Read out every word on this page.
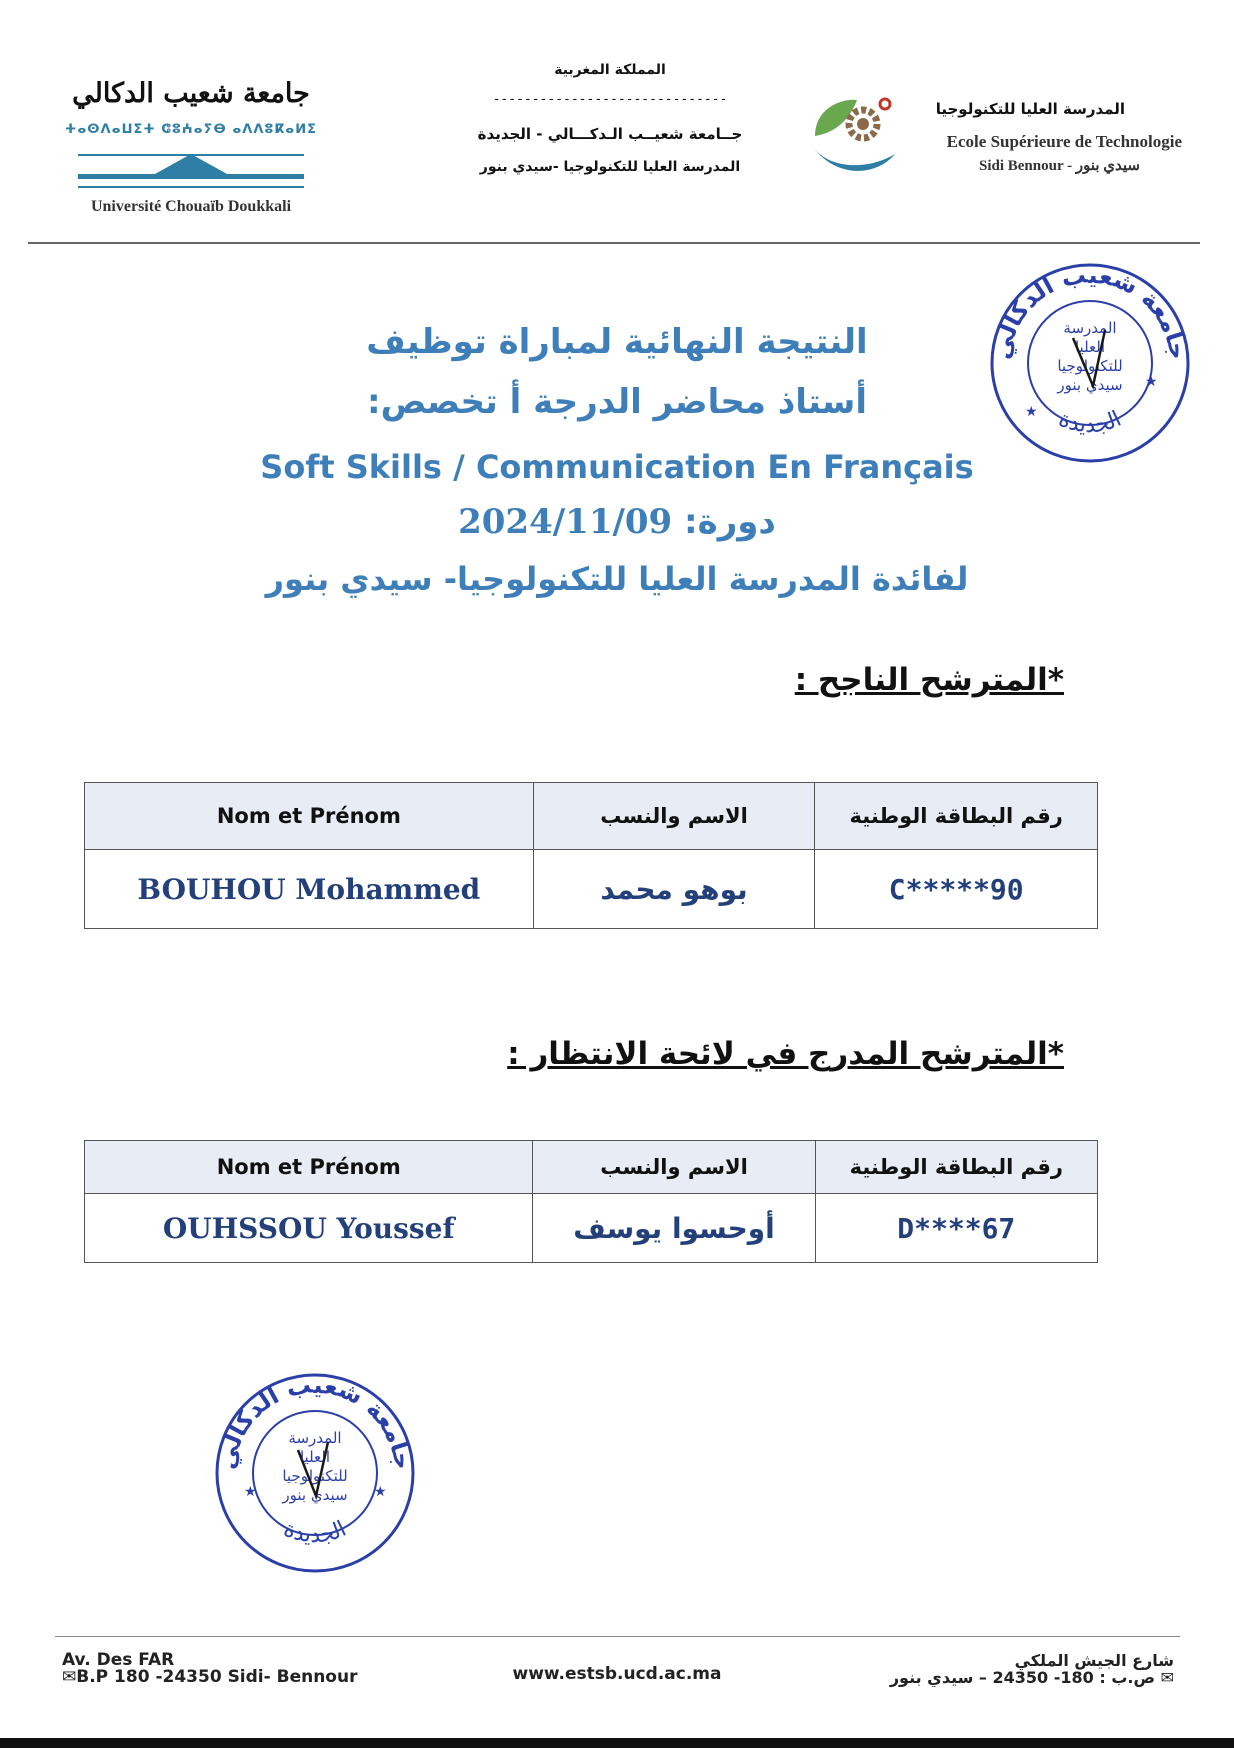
جامعة شعيب الدكالي
ⵜⴰⵙⴷⴰⵡⵉⵜ ⵛⵓⵄⴰⵢⴱ ⴰⴷⴷⵓⴽⴰⵍⵉ
Université Chouaïb Doukkali
المملكة المغربية
------------------------------
جــامعة شعيــب الـدكـــالي - الجديدة
المدرسة العليا للتكنولوجيا -سيدي بنور
المدرسة العليا للتكنولوجيا
Ecole Supérieure de Technologie
Sidi Bennour - سيدي بنور
جامعة شعيب الدكالي
الجديدة
المدرسة
العليا
للتكنولوجيا
سيدي بنور
★
★
النتيجة النهائية لمباراة توظيف
أستاذ محاضر الدرجة أ تخصص:
Soft Skills / Communication En Français
2024/11/09 دورة:
لفائدة المدرسة العليا للتكنولوجيا- سيدي بنور
*المترشح الناجح :
Nom et Prénom	الاسم والنسب	رقم البطاقة الوطنية
BOUHOU Mohammed	بوهو محمد	C*****90
*المترشح المدرج في لائحة الانتظار :
Nom et Prénom	الاسم والنسب	رقم البطاقة الوطنية
OUHSSOU Youssef	أوحسوا يوسف	D****67
جامعة شعيب الدكالي
الجديدة
المدرسة
العليا
للتكنولوجيا
سيدي بنور
★	★
Av. Des FAR
✉B.P 180 -24350 Sidi- Bennour	www.estsb.ucd.ac.ma
شارع الجيش الملكي
✉ ص.ب : 180- 24350 – سيدي بنور
